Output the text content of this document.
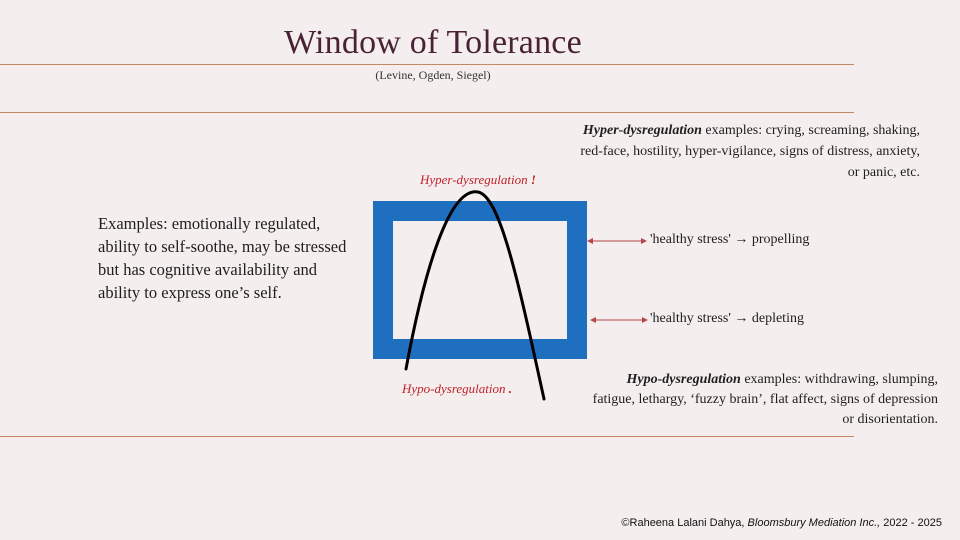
Window of Tolerance
(Levine, Ogden, Siegel)
Hyper-dysregulation examples: crying, screaming, shaking, red-face, hostility, hyper-vigilance, signs of distress, anxiety, or panic, etc.
Examples: emotionally regulated, ability to self-soothe, may be stressed but has cognitive availability and ability to express one’s self.
Hyper-dysregulation !
Hypo-dysregulation .
'healthy stress' → propelling
'healthy stress' → depleting
Hypo-dysregulation examples: withdrawing, slumping, fatigue, lethargy, ‘fuzzy brain’, flat affect, signs of depression or disorientation.
©Raheena Lalani Dahya, Bloomsbury Mediation Inc., 2022 - 2025
